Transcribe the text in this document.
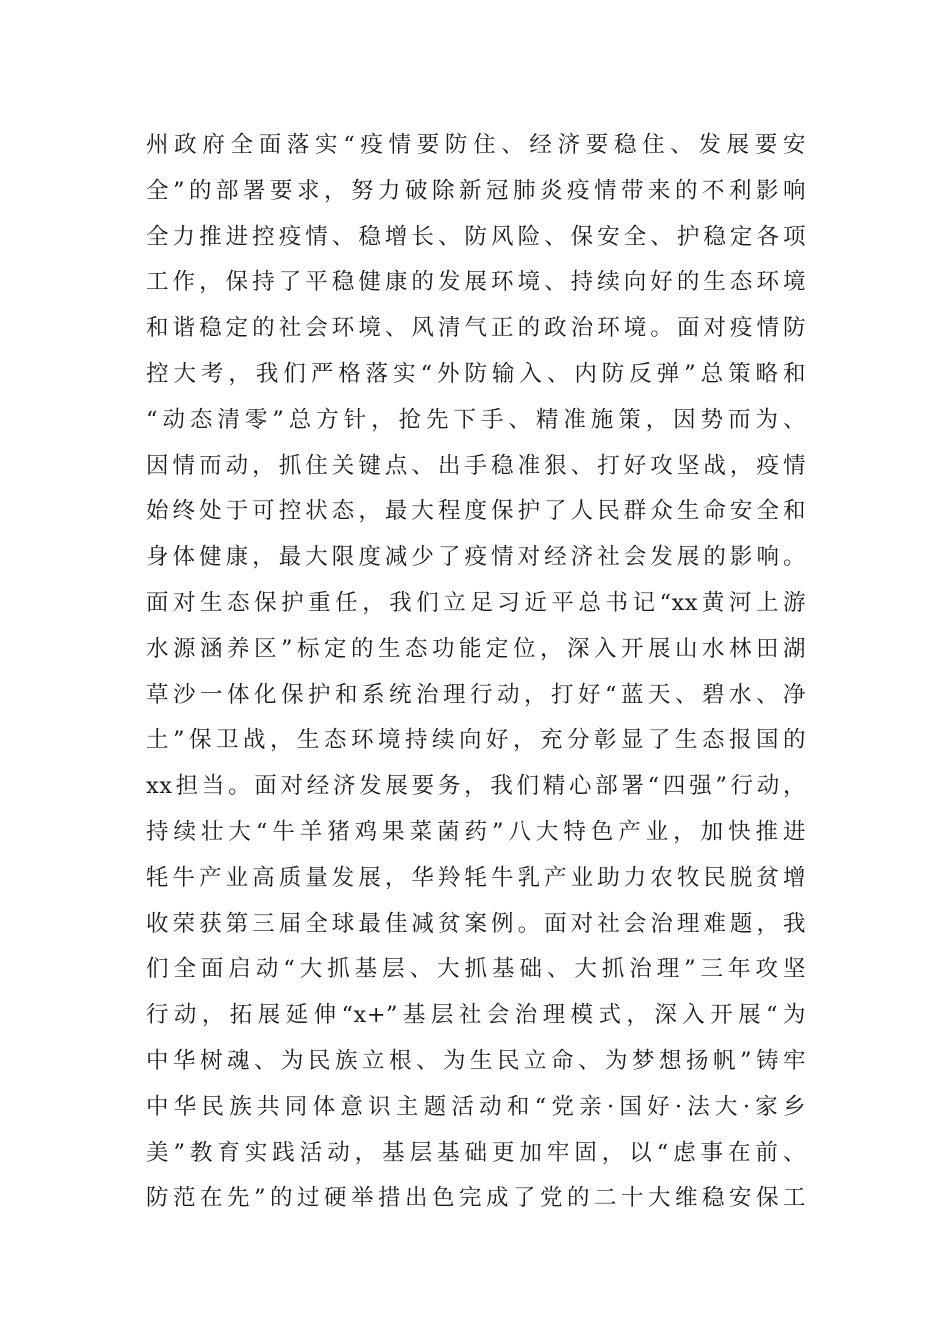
州政府全面落实“疫情要防住、经济要稳住、发展要安
全”的部署要求，努力破除新冠肺炎疫情带来的不利影响
全力推进控疫情、稳增长、防风险、保安全、护稳定各项
工作，保持了平稳健康的发展环境、持续向好的生态环境
和谐稳定的社会环境、风清气正的政治环境。面对疫情防
控大考，我们严格落实“外防输入、内防反弹”总策略和
“动态清零”总方针，抢先下手、精准施策，因势而为、
因情而动，抓住关键点、出手稳准狠、打好攻坚战，疫情
始终处于可控状态，最大程度保护了人民群众生命安全和
身体健康，最大限度减少了疫情对经济社会发展的影响。
面对生态保护重任，我们立足习近平总书记“xx黄河上游
水源涵养区”标定的生态功能定位，深入开展山水林田湖
草沙一体化保护和系统治理行动，打好“蓝天、碧水、净
土”保卫战，生态环境持续向好，充分彰显了生态报国的
xx担当。面对经济发展要务，我们精心部署“四强”行动，
持续壮大“牛羊猪鸡果菜菌药”八大特色产业，加快推进
牦牛产业高质量发展，华羚牦牛乳产业助力农牧民脱贫增
收荣获第三届全球最佳减贫案例。面对社会治理难题，我
们全面启动“大抓基层、大抓基础、大抓治理”三年攻坚
行动，拓展延伸“x+”基层社会治理模式，深入开展“为
中华树魂、为民族立根、为生民立命、为梦想扬帆”铸牢
中华民族共同体意识主题活动和“党亲·国好·法大·家乡
美”教育实践活动，基层基础更加牢固，以“虑事在前、
防范在先”的过硬举措出色完成了党的二十大维稳安保工
